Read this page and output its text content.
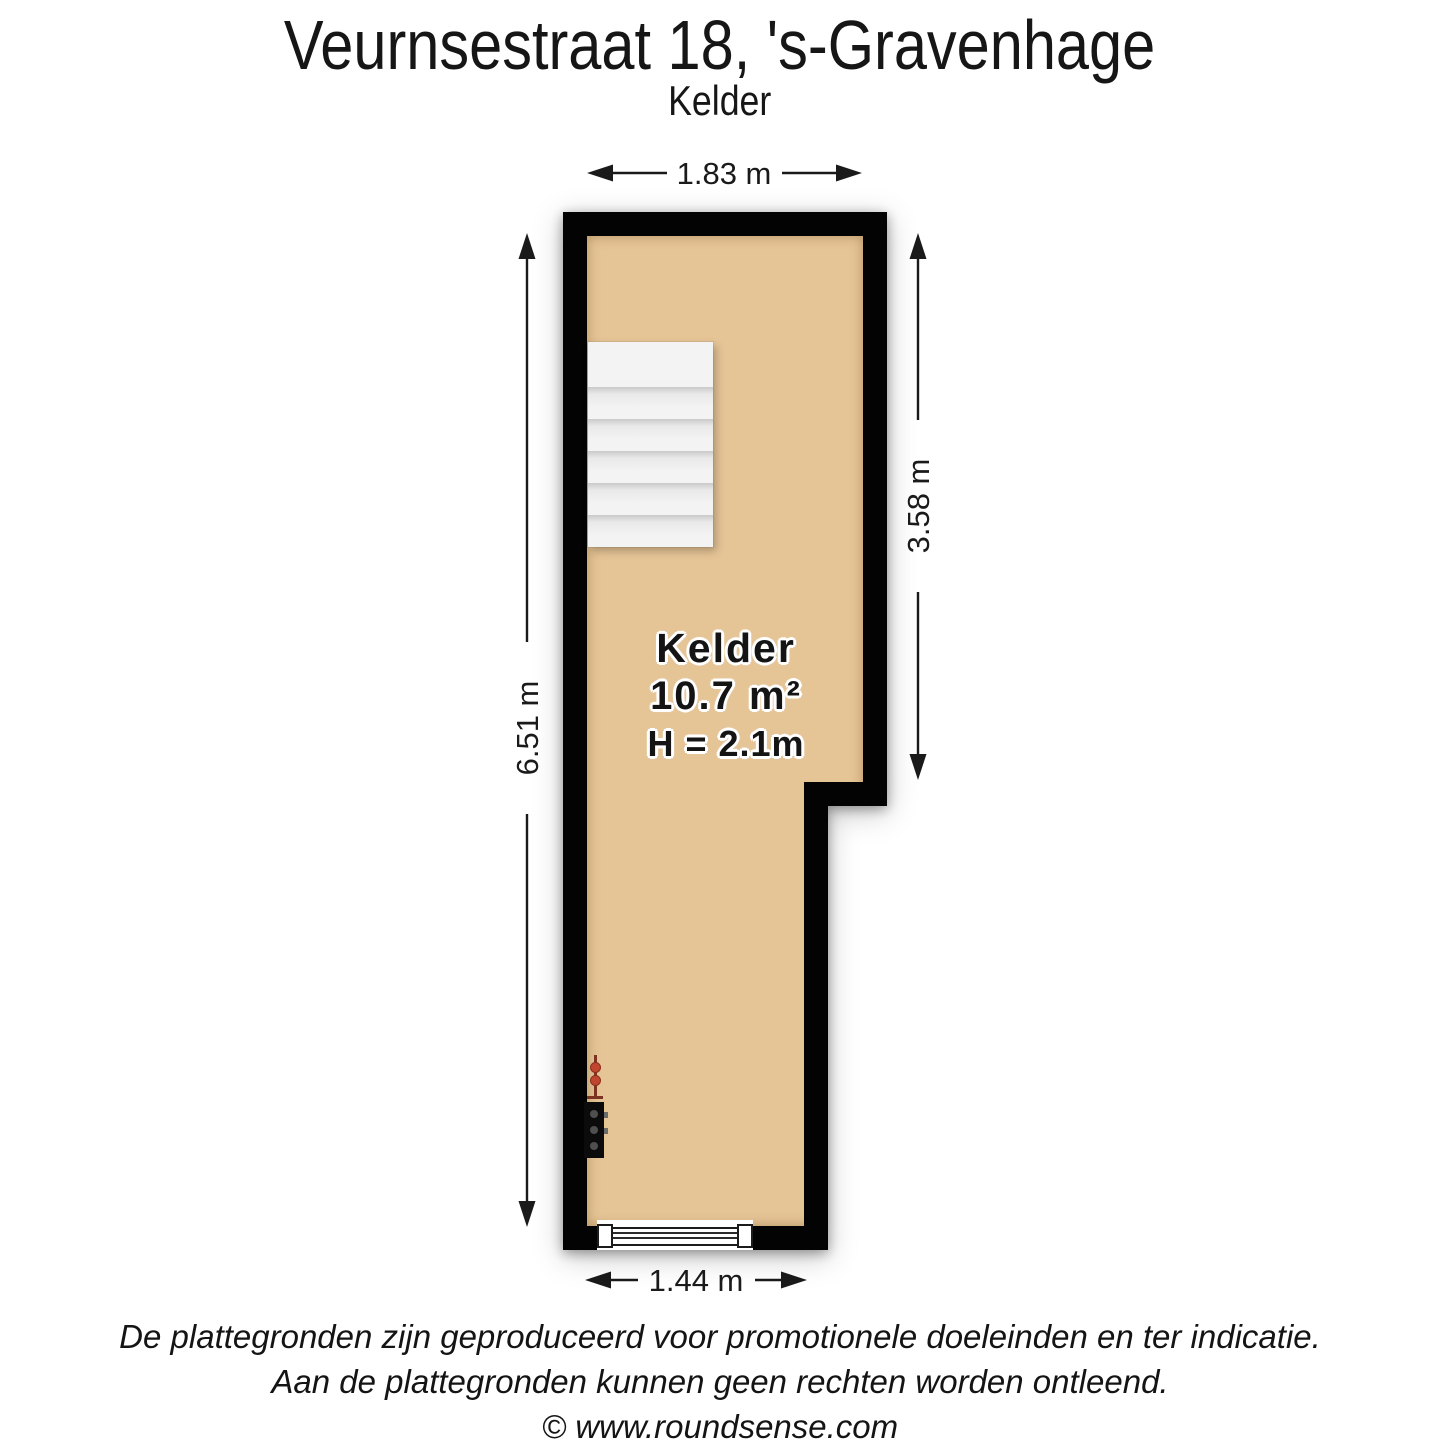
Veurnsestraat 18, 's-Gravenhage
Kelder
Kelder
10.7 m²
H = 2.1m
1.83 m
6.51 m
3.58 m
1.44 m
De plattegronden zijn geproduceerd voor promotionele doeleinden en ter indicatie.
Aan de plattegronden kunnen geen rechten worden ontleend.
© www.roundsense.com
